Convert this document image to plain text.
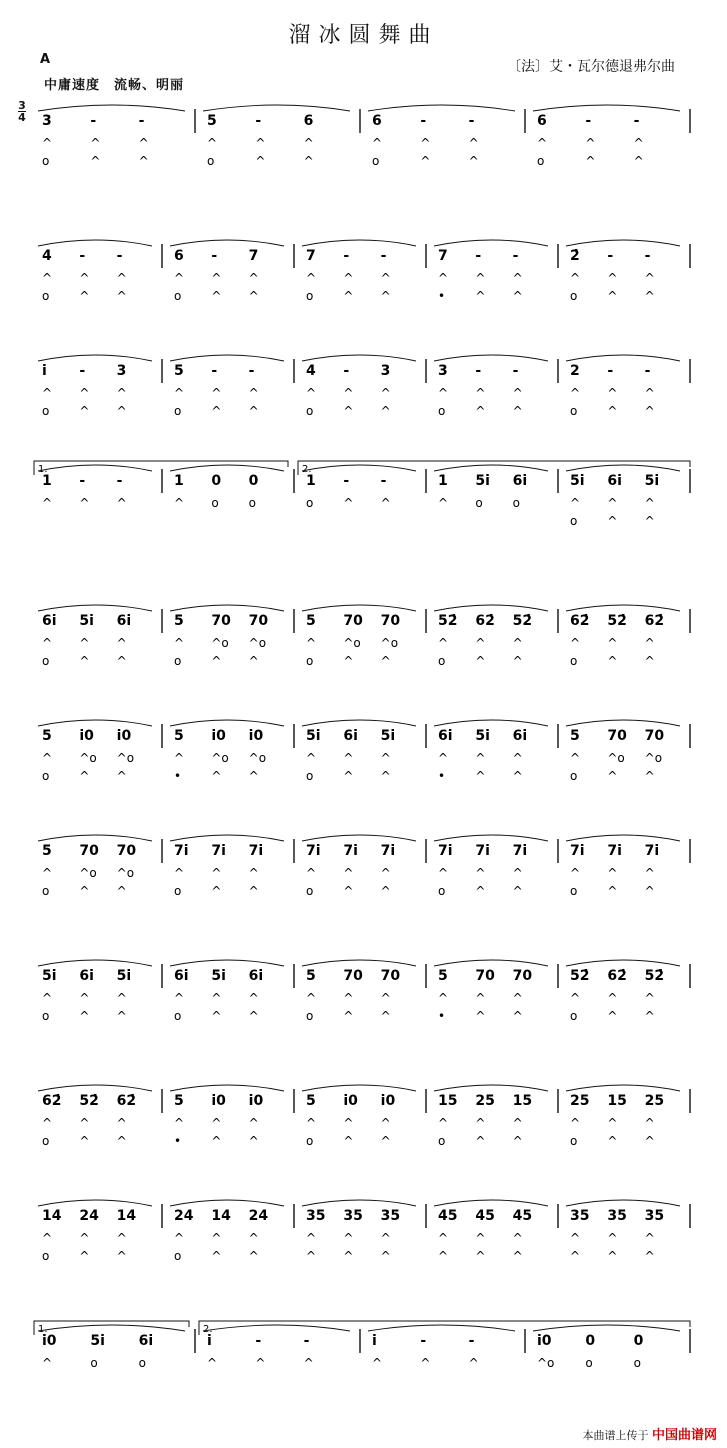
溜冰圆舞曲
A
中庸速度　流畅、明丽
〔法〕艾・瓦尔德退弗尔曲
3
4 3
^
o
-
^
^
-
^
^
5
^
o
-
^
^
6
^
^
6
^
o
-
^
^
-
^
^
6
^
o
-
^
^
-
^
^
4
^
o
-
^
^
-
^
^
6
^
o
-
^
^
7
^
^
7
^
o
-
^
^
-
^
^
7
^
•
-
^
^
-
^
^
2̇
^
o
-
^
^
-
^
^
i
^
o
-
^
^
3
^
^
5
^
o
-
^
^
-
^
^
4
^
o
-
^
^
3
^
^
3
^
o
-
^
^
-
^
^
2
^
o
-
^
^
-
^
^
1.	2.
1
^
-
^
-
^
1
^
0
o
0
o
1
o
-
^
-
^
1
^
5i
o
6i
o
5i
^
o
6i
^
^
5i
^
^
6i
^
o
5i
^
^
6i
^
^
5
^
o
70
^o
^
70
^o
^
5
^
o
70
^o
^
70
^o
^
52̇
^
o
62̇
^
^
52̇
^
^
62̇
^
o
52̇
^
^
62̇
^
^
5
^
o
i0
^o
^
i0
^o
^
5
^
•
i0
^o
^
i0
^o
^
5i
^
o
6i
^
^
5i
^
^
6i
^
•
5i
^
^
6i
^
^
5
^
o
70
^o
^
70
^o
^
5
^
o
70
^o
^
70
^o
^
7i
^
o
7i
^
^
7i
^
^
7i
^
o
7i
^
^
7i
^
^
7i
^
o
7i
^
^
7i
^
^
7i
^
o
7i
^
^
7i
^
^
5i
^
o
6i
^
^
5i
^
^
6i
^
o
5i
^
^
6i
^
^
5
^
o
70
^
^
70
^
^
5
^
•
70
^
^
70
^
^
52̇
^
o
62̇
^
^
52̇
^
^
62̇
^
o
52̇
^
^
62̇
^
^
5
^
•
i0
^
^
i0
^
^
5
^
o
i0
^
^
i0
^
^
15
^
o
25
^
^
15
^
^
25
^
o
15
^
^
25
^
^
14
^
o
24
^
^
14
^
^
24
^
o
14
^
^
24
^
^
35
^
^
35
^
^
35
^
^
45
^
^
45
^
^
45
^
^
35
^
^
35
^
^
35
^
^
1.	2.
i0
^
5i
o
6i
o
i
^
-
^
-
^
i
^
-
^
-
^
i0
^o
0
o
0
o
本曲谱上传于 中国曲谱网
